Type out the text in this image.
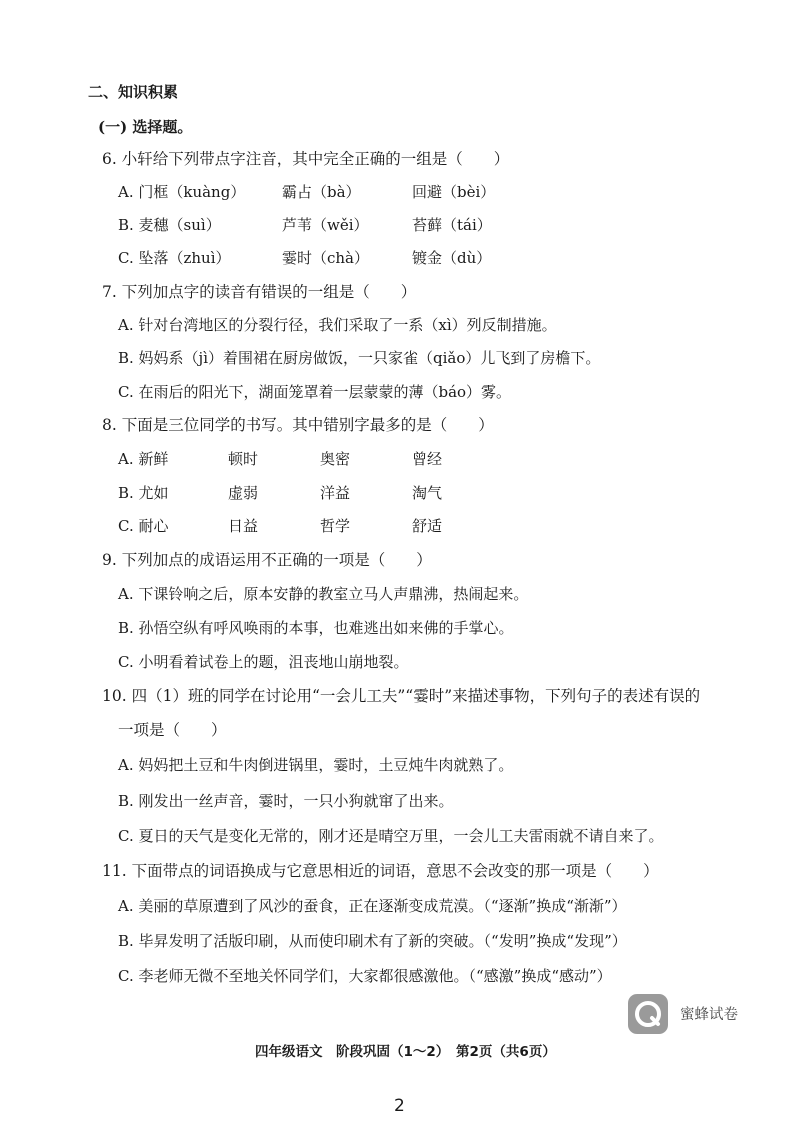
二、知识积累
(一) 选择题。
6. 小轩给下列带点字注音，其中完全正确的一组是（　　）
A. 门框（kuàng） 霸占（bà）	回避（bèi）
B. 麦穗（suì）	芦苇（wěi）	苔藓（tái）
C. 坠落（zhuì）	霎时（chà）	镀金（dù）
7. 下列加点字的读音有错误的一组是（　　）
A. 针对台湾地区的分裂行径，我们采取了一系（xì）列反制措施。
B. 妈妈系（jì）着围裙在厨房做饭，一只家雀（qiǎo）儿飞到了房檐下。
C. 在雨后的阳光下，湖面笼罩着一层蒙蒙的薄（báo）雾。
8. 下面是三位同学的书写。其中错别字最多的是（　　）
A. 新鲜	顿时	奥密	曾经
B. 尤如	虚弱	洋益	淘气
C. 耐心	日益	哲学	舒适
9. 下列加点的成语运用不正确的一项是（　　）
A. 下课铃响之后，原本安静的教室立马人声鼎沸，热闹起来。
B. 孙悟空纵有呼风唤雨的本事，也难逃出如来佛的手掌心。
C. 小明看着试卷上的题，沮丧地山崩地裂。
10. 四（1）班的同学在讨论用“一会儿工夫”“霎时”来描述事物，下列句子的表述有误的
一项是（　　）
A. 妈妈把土豆和牛肉倒进锅里，霎时，土豆炖牛肉就熟了。
B. 刚发出一丝声音，霎时，一只小狗就窜了出来。
C. 夏日的天气是变化无常的，刚才还是晴空万里，一会儿工夫雷雨就不请自来了。
11. 下面带点的词语换成与它意思相近的词语，意思不会改变的那一项是（　　）
A. 美丽的草原遭到了风沙的蚕食，正在逐渐变成荒漠。（“逐渐”换成“渐渐”）
B. 毕昇发明了活版印刷，从而使印刷术有了新的突破。（“发明”换成“发现”）
C. 李老师无微不至地关怀同学们，大家都很感激他。（“感激”换成“感动”）
蜜蜂试卷
四年级语文　阶段巩固（1～2）　第2页（共6页）
2
